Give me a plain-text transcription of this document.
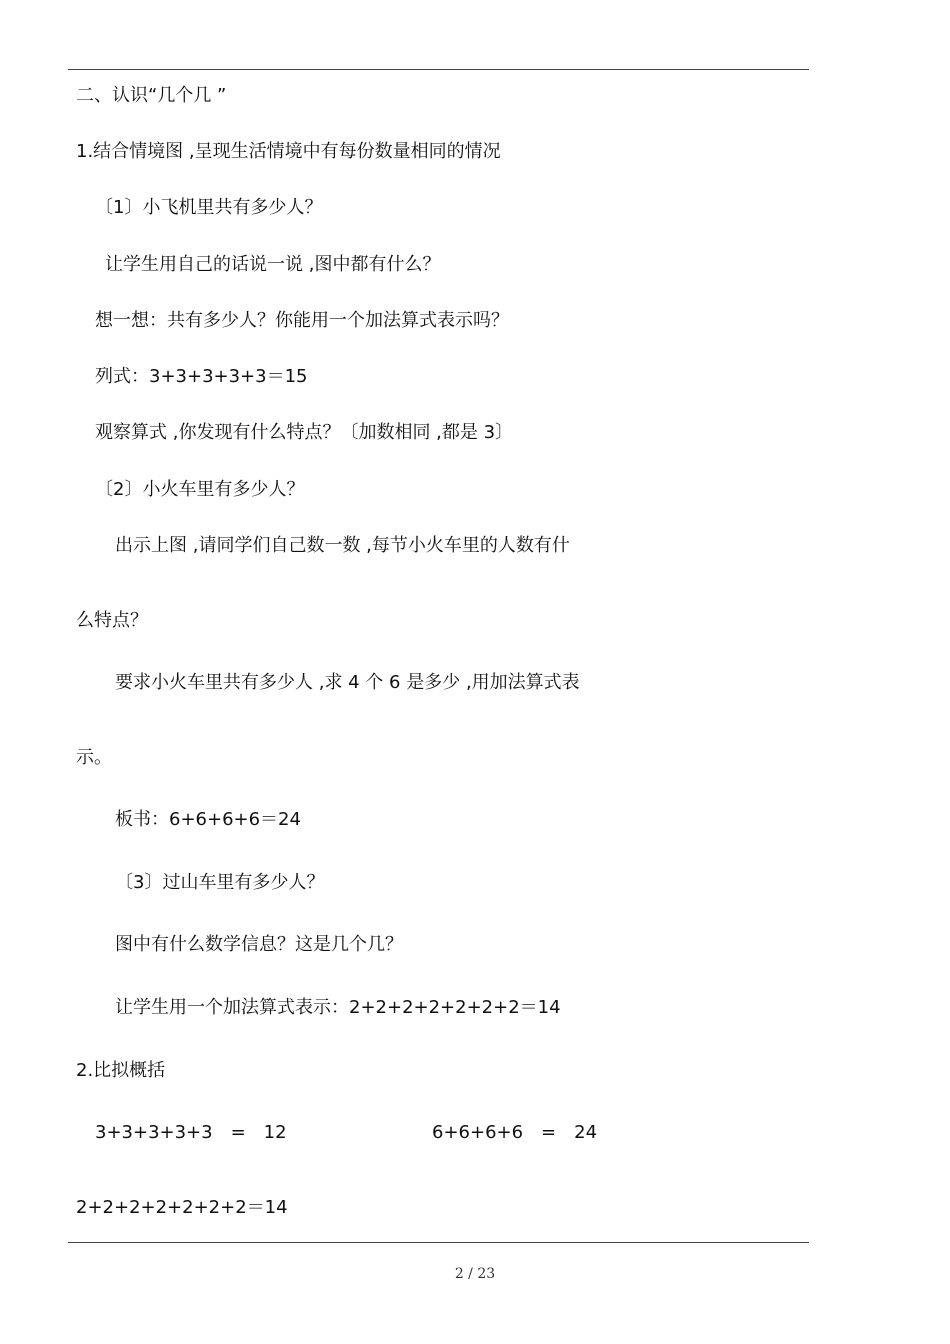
二、认识“几个几 ”

1.结合情境图 ,呈现生活情境中有每份数量相同的情况

〔1〕小飞机里共有多少人？

让学生用自己的话说一说 ,图中都有什么？

想一想：共有多少人？你能用一个加法算式表示吗？

列式：3+3+3+3+3＝15

观察算式 ,你发现有什么特点？〔加数相同 ,都是 3〕

〔2〕小火车里有多少人？

出示上图 ,请同学们自己数一数 ,每节小火车里的人数有什

么特点？

要求小火车里共有多少人 ,求 4 个 6 是多少 ,用加法算式表

示。

板书：6+6+6+6＝24

〔3〕过山车里有多少人？

图中有什么数学信息？这是几个几？

让学生用一个加法算式表示：2+2+2+2+2+2+2＝14

2.比拟概括

3+3+3+3+3　=　12	6+6+6+6　=　24

2+2+2+2+2+2+2＝14

2 / 23
